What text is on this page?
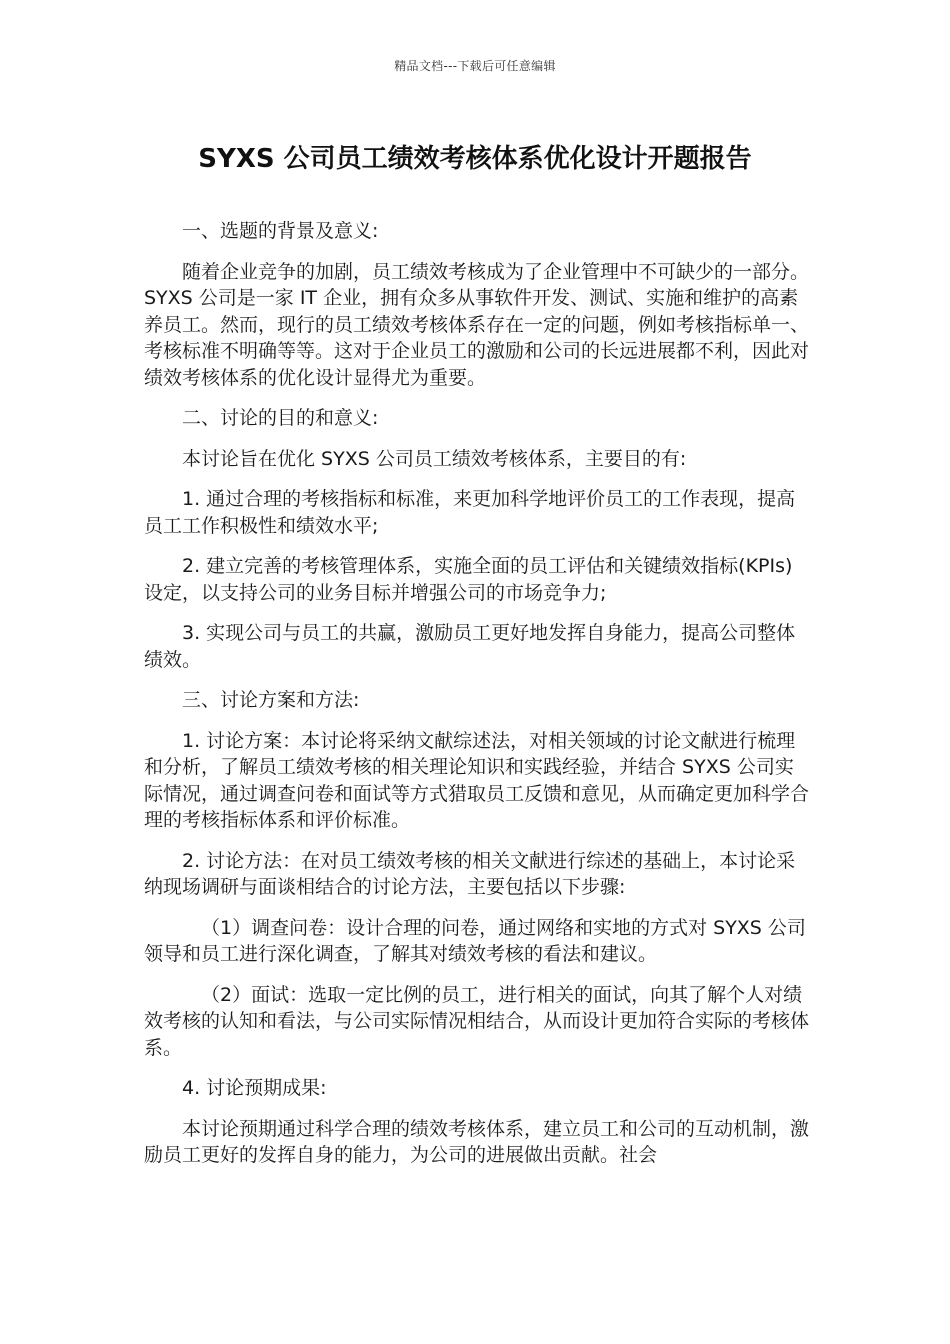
精品文档---下载后可任意编辑
SYXS 公司员工绩效考核体系优化设计开题报告

一、选题的背景及意义:

随着企业竞争的加剧，员工绩效考核成为了企业管理中不可缺少的一部分。SYXS 公司是一家 IT 企业，拥有众多从事软件开发、测试、实施和维护的高素养员工。然而，现行的员工绩效考核体系存在一定的问题，例如考核指标单一、考核标准不明确等等。这对于企业员工的激励和公司的长远进展都不利，因此对绩效考核体系的优化设计显得尤为重要。

二、讨论的目的和意义:

本讨论旨在优化 SYXS 公司员工绩效考核体系，主要目的有:

1. 通过合理的考核指标和标准，来更加科学地评价员工的工作表现，提高员工工作积极性和绩效水平;

2. 建立完善的考核管理体系，实施全面的员工评估和关键绩效指标(KPIs)设定，以支持公司的业务目标并增强公司的市场竞争力;

3. 实现公司与员工的共赢，激励员工更好地发挥自身能力，提高公司整体绩效。

三、讨论方案和方法:

1. 讨论方案：本讨论将采纳文献综述法，对相关领域的讨论文献进行梳理和分析，了解员工绩效考核的相关理论知识和实践经验，并结合 SYXS 公司实际情况，通过调查问卷和面试等方式猎取员工反馈和意见，从而确定更加科学合理的考核指标体系和评价标准。

2. 讨论方法：在对员工绩效考核的相关文献进行综述的基础上，本讨论采纳现场调研与面谈相结合的讨论方法，主要包括以下步骤:

（1）调查问卷：设计合理的问卷，通过网络和实地的方式对 SYXS 公司领导和员工进行深化调查，了解其对绩效考核的看法和建议。

（2）面试：选取一定比例的员工，进行相关的面试，向其了解个人对绩效考核的认知和看法，与公司实际情况相结合，从而设计更加符合实际的考核体系。

4. 讨论预期成果:

本讨论预期通过科学合理的绩效考核体系，建立员工和公司的互动机制，激励员工更好的发挥自身的能力，为公司的进展做出贡献。社会
